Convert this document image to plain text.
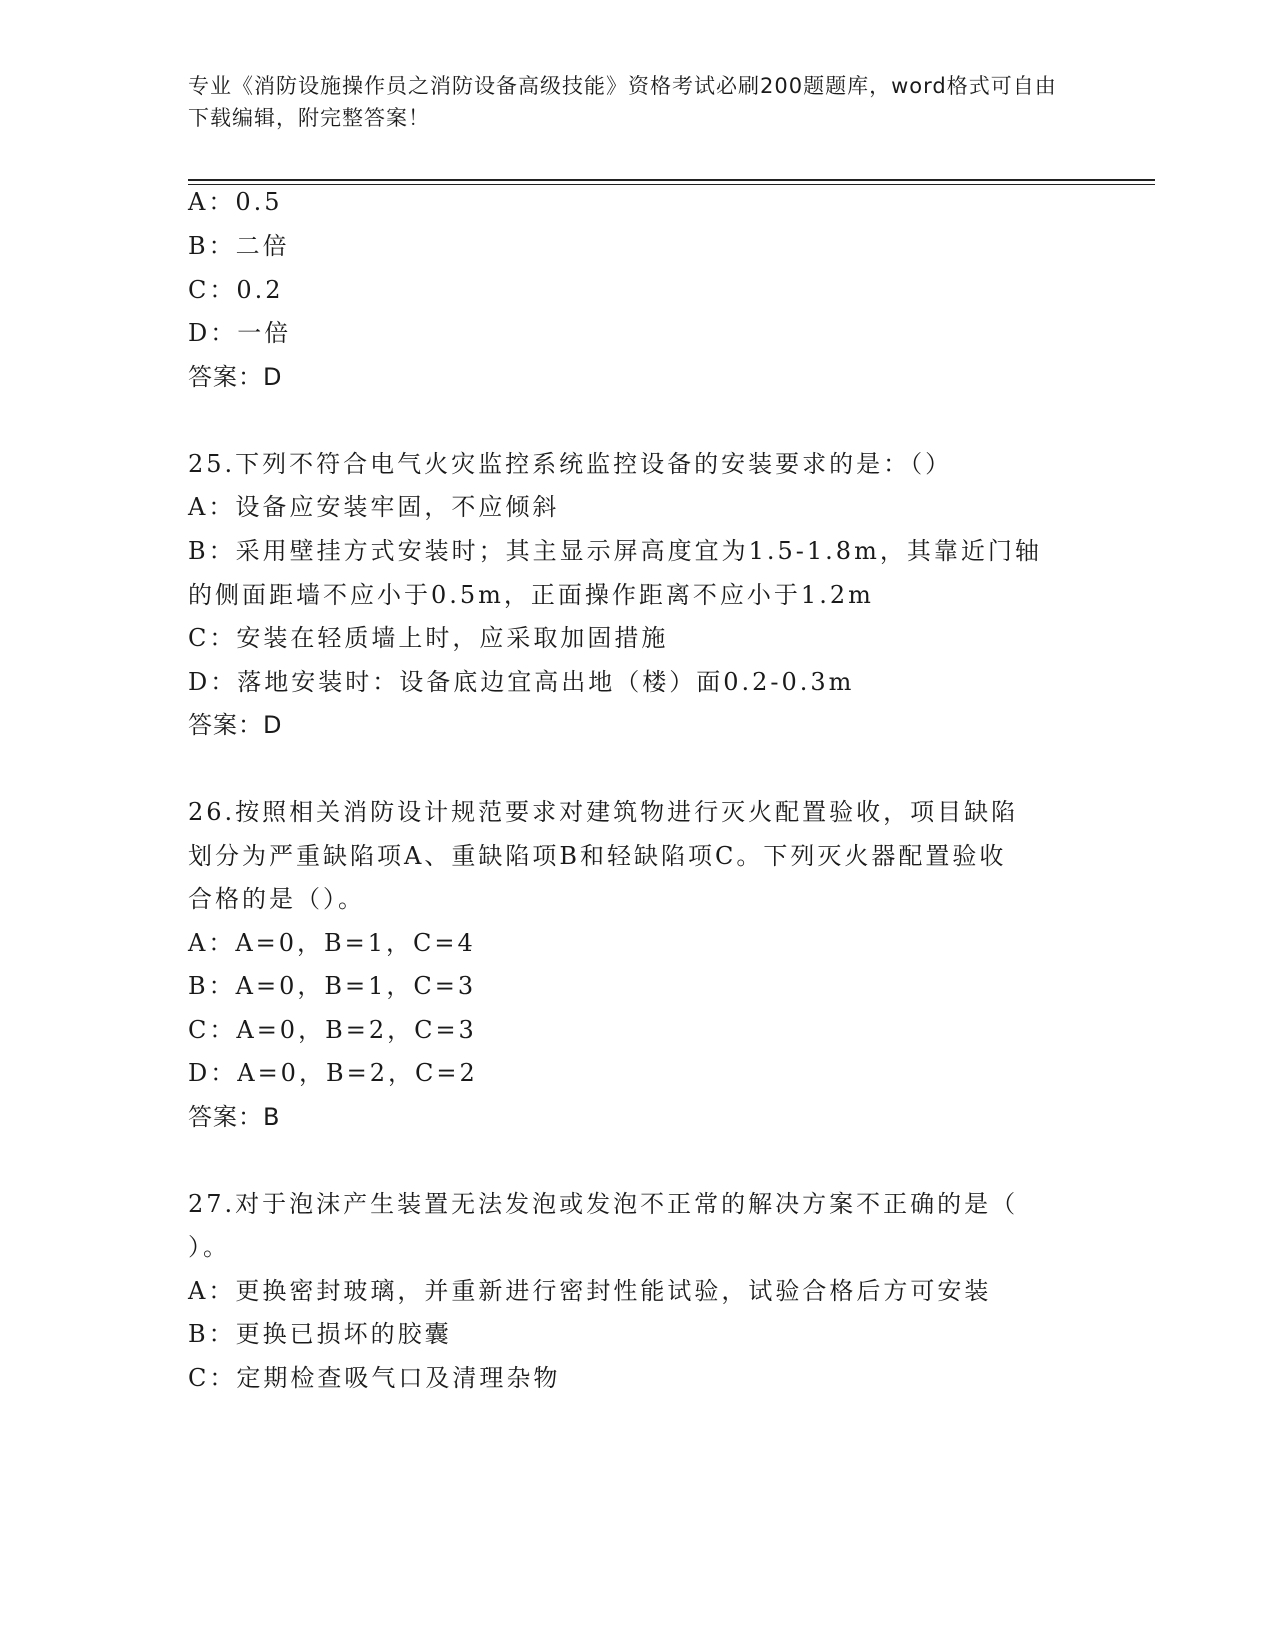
专业《消防设施操作员之消防设备高级技能》资格考试必刷200题题库，word格式可自由下载编辑，附完整答案！
A：0.5
B：二倍
C：0.2
D：一倍
答案：D
25.下列不符合电气火灾监控系统监控设备的安装要求的是：（）
A：设备应安装牢固，不应倾斜
B：采用壁挂方式安装时；其主显示屏高度宜为1.5-1.8m，其靠近门轴
的侧面距墙不应小于0.5m，正面操作距离不应小于1.2m
C：安装在轻质墙上时，应采取加固措施
D：落地安装时：设备底边宜高出地（楼）面0.2-0.3m
答案：D
26.按照相关消防设计规范要求对建筑物进行灭火配置验收，项目缺陷
划分为严重缺陷项A、重缺陷项B和轻缺陷项C。下列灭火器配置验收
合格的是（）。
A：A=0，B=1，C=4
B：A=0，B=1，C=3
C：A=0，B=2，C=3
D：A=0，B=2，C=2
答案：B
27.对于泡沫产生装置无法发泡或发泡不正常的解决方案不正确的是（
）。
A：更换密封玻璃，并重新进行密封性能试验，试验合格后方可安装
B：更换已损坏的胶囊
C：定期检查吸气口及清理杂物
